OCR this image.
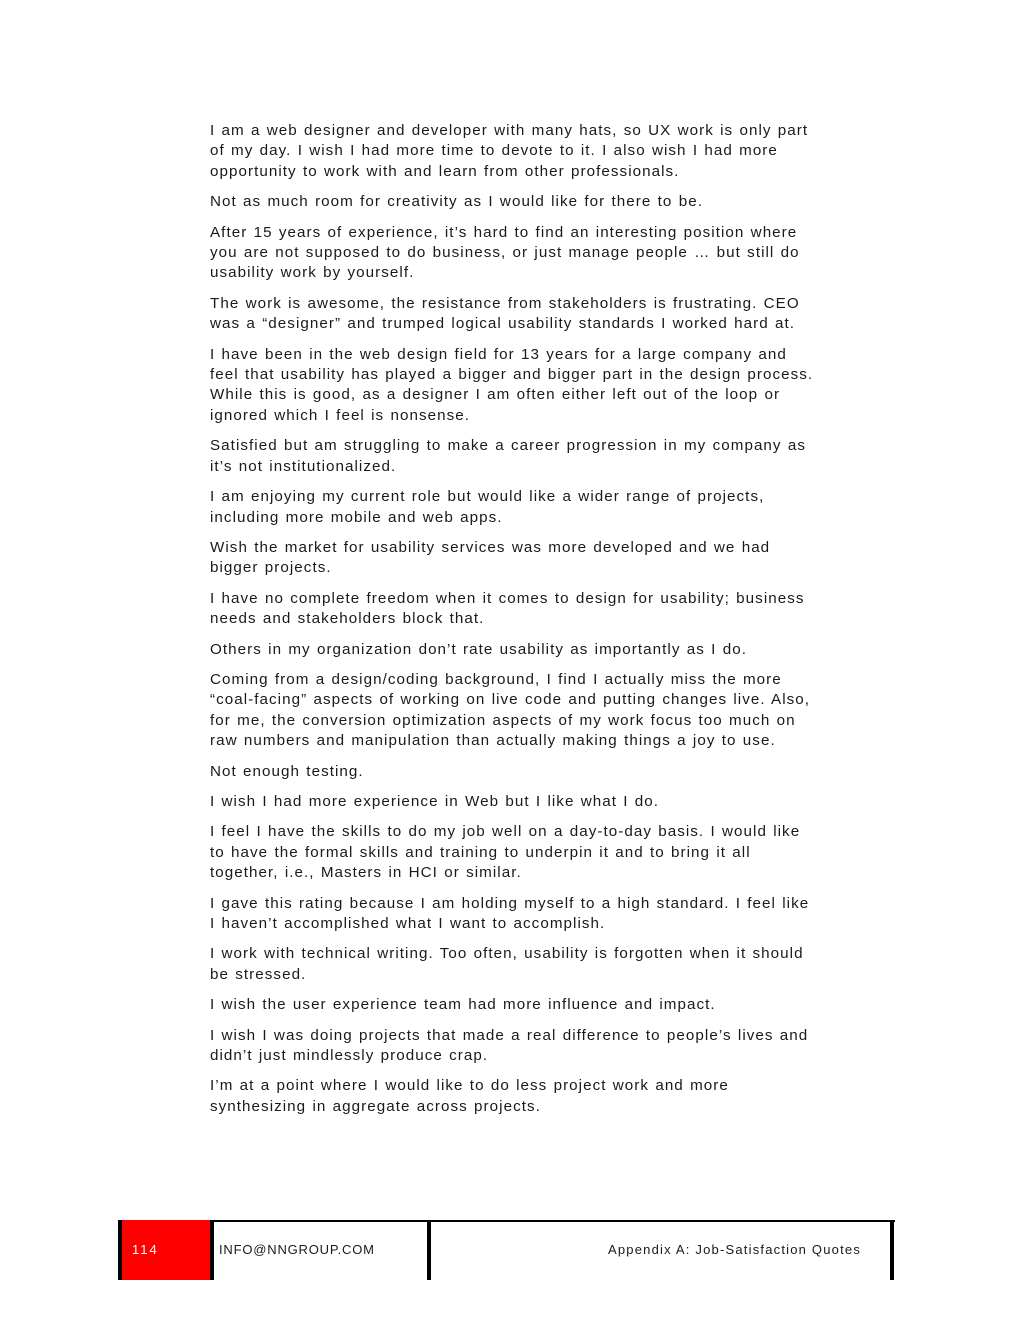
I am a web designer and developer with many hats, so UX work is only part of my day. I wish I had more time to devote to it. I also wish I had more opportunity to work with and learn from other professionals.

Not as much room for creativity as I would like for there to be.

After 15 years of experience, it’s hard to find an interesting position where you are not supposed to do business, or just manage people … but still do usability work by yourself.

The work is awesome, the resistance from stakeholders is frustrating. CEO was a “designer” and trumped logical usability standards I worked hard at.

I have been in the web design field for 13 years for a large company and feel that usability has played a bigger and bigger part in the design process. While this is good, as a designer I am often either left out of the loop or ignored which I feel is nonsense.

Satisfied but am struggling to make a career progression in my company as it’s not institutionalized.

I am enjoying my current role but would like a wider range of projects, including more mobile and web apps.

Wish the market for usability services was more developed and we had bigger projects.

I have no complete freedom when it comes to design for usability; business needs and stakeholders block that.

Others in my organization don’t rate usability as importantly as I do.

Coming from a design/coding background, I find I actually miss the more “coal-facing” aspects of working on live code and putting changes live. Also, for me, the conversion optimization aspects of my work focus too much on raw numbers and manipulation than actually making things a joy to use.

Not enough testing.

I wish I had more experience in Web but I like what I do.

I feel I have the skills to do my job well on a day-to-day basis. I would like to have the formal skills and training to underpin it and to bring it all together, i.e., Masters in HCI or similar.

I gave this rating because I am holding myself to a high standard. I feel like I haven’t accomplished what I want to accomplish.

I work with technical writing. Too often, usability is forgotten when it should be stressed.

I wish the user experience team had more influence and impact.

I wish I was doing projects that made a real difference to people’s lives and didn’t just mindlessly produce crap.

I’m at a point where I would like to do less project work and more synthesizing in aggregate across projects.

114	INFO@NNGROUP.COM	Appendix A: Job-Satisfaction Quotes
